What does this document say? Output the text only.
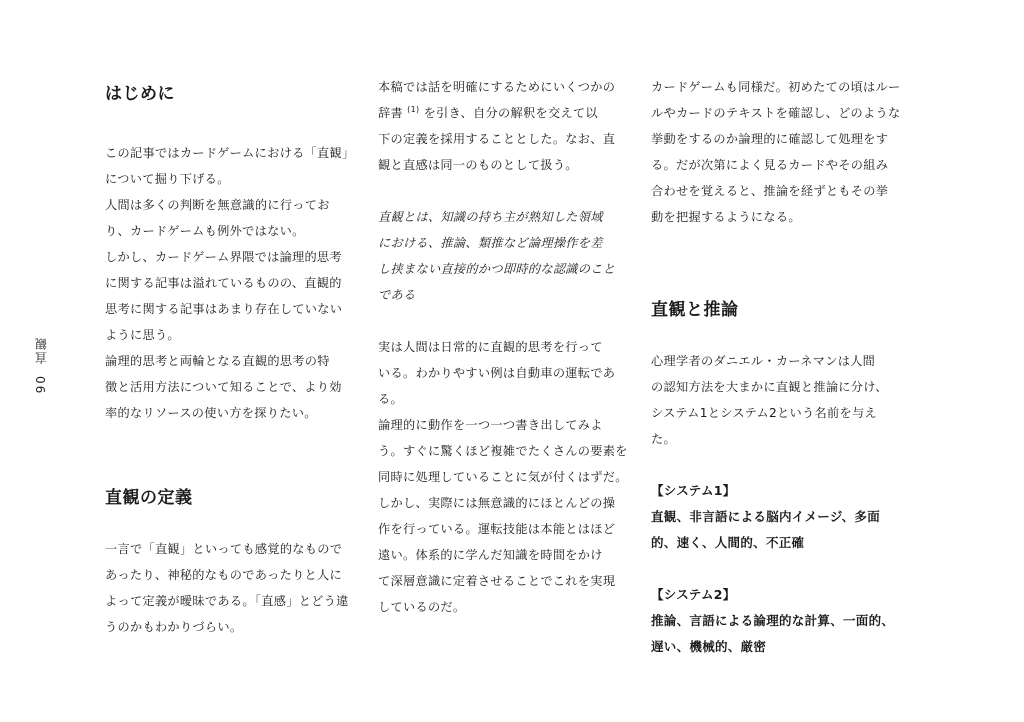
90
直観
はじめに

この記事ではカードゲームにおける「直観」

について掘り下げる。

人間は多くの判断を無意識的に行ってお

り、カードゲームも例外ではない。

しかし、カードゲーム界隈では論理的思考

に関する記事は溢れているものの、直観的

思考に関する記事はあまり存在していない

ように思う。

論理的思考と両輪となる直観的思考の特

徴と活用方法について知ることで、より効

率的なリソースの使い方を探りたい。

直観の定義

一言で「直観」といっても感覚的なもので

あったり、神秘的なものであったりと人に

よって定義が曖昧である。「直感」とどう違

うのかもわかりづらい。

本稿では話を明確にするためにいくつかの

辞書 $^{(1)}$ を引き、自分の解釈を交えて以

下の定義を採用することとした。なお、直

観と直感は同一のものとして扱う。

直観とは、知識の持ち主が熟知した領域

における、推論、類推など論理操作を差

し挟まない直接的かつ即時的な認識のこと

である

実は人間は日常的に直観的思考を行って

いる。わかりやすい例は自動車の運転であ

る。

論理的に動作を一つ一つ書き出してみよ

う。すぐに驚くほど複雑でたくさんの要素を

同時に処理していることに気が付くはずだ。

しかし、実際には無意識的にほとんどの操

作を行っている。運転技能は本能とはほど

遠い。体系的に学んだ知識を時間をかけ

て深層意識に定着させることでこれを実現

しているのだ。

カードゲームも同様だ。初めたての頃はルー

ルやカードのテキストを確認し、どのような

挙動をするのか論理的に確認して処理をす

る。だが次第によく見るカードやその組み

合わせを覚えると、推論を経ずともその挙

動を把握するようになる。

直観と推論

心理学者のダニエル・カーネマンは人間

の認知方法を大まかに直観と推論に分け、

システム1とシステム2という名前を与えた。

【システム1】

直観、非言語による脳内イメージ、多面

的、速く、人間的、不正確

【システム2】

推論、言語による論理的な計算、一面的、

遅い、機械的、厳密
